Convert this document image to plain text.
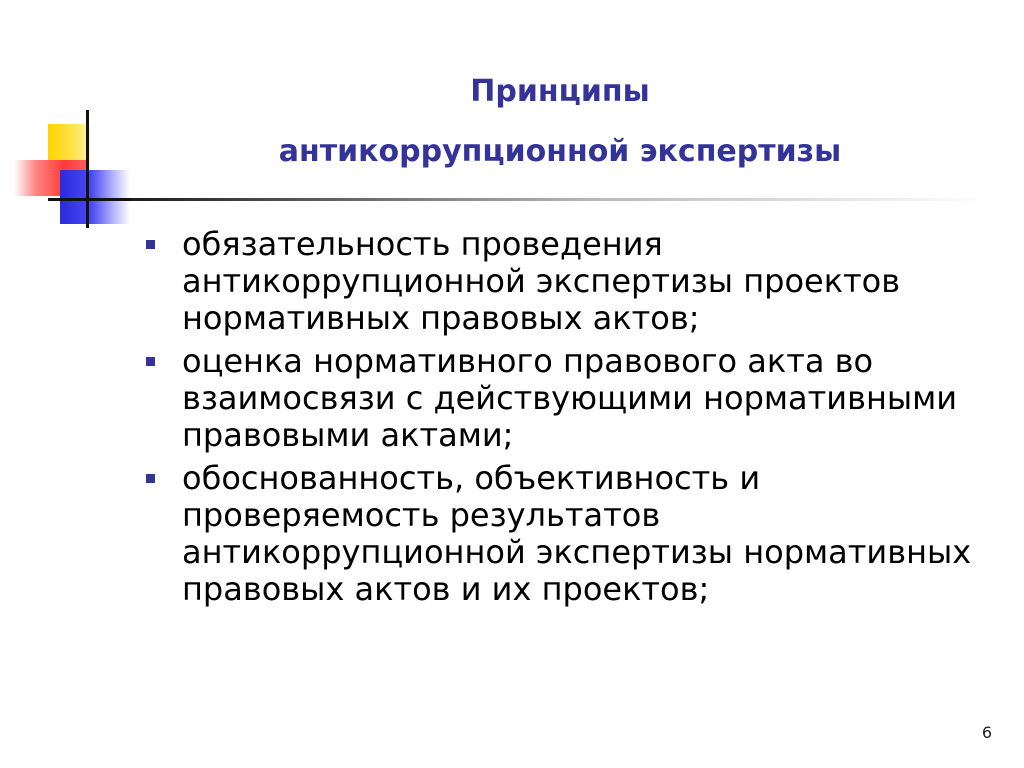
Принципы
антикоррупционной экспертизы
обязательность проведения антикоррупционной экспертизы проектов нормативных правовых актов;
оценка нормативного правового акта во взаимосвязи с действующими нормативными правовыми актами;
обоснованность, объективность и проверяемость результатов антикоррупционной экспертизы нормативных правовых актов и их проектов;
6
